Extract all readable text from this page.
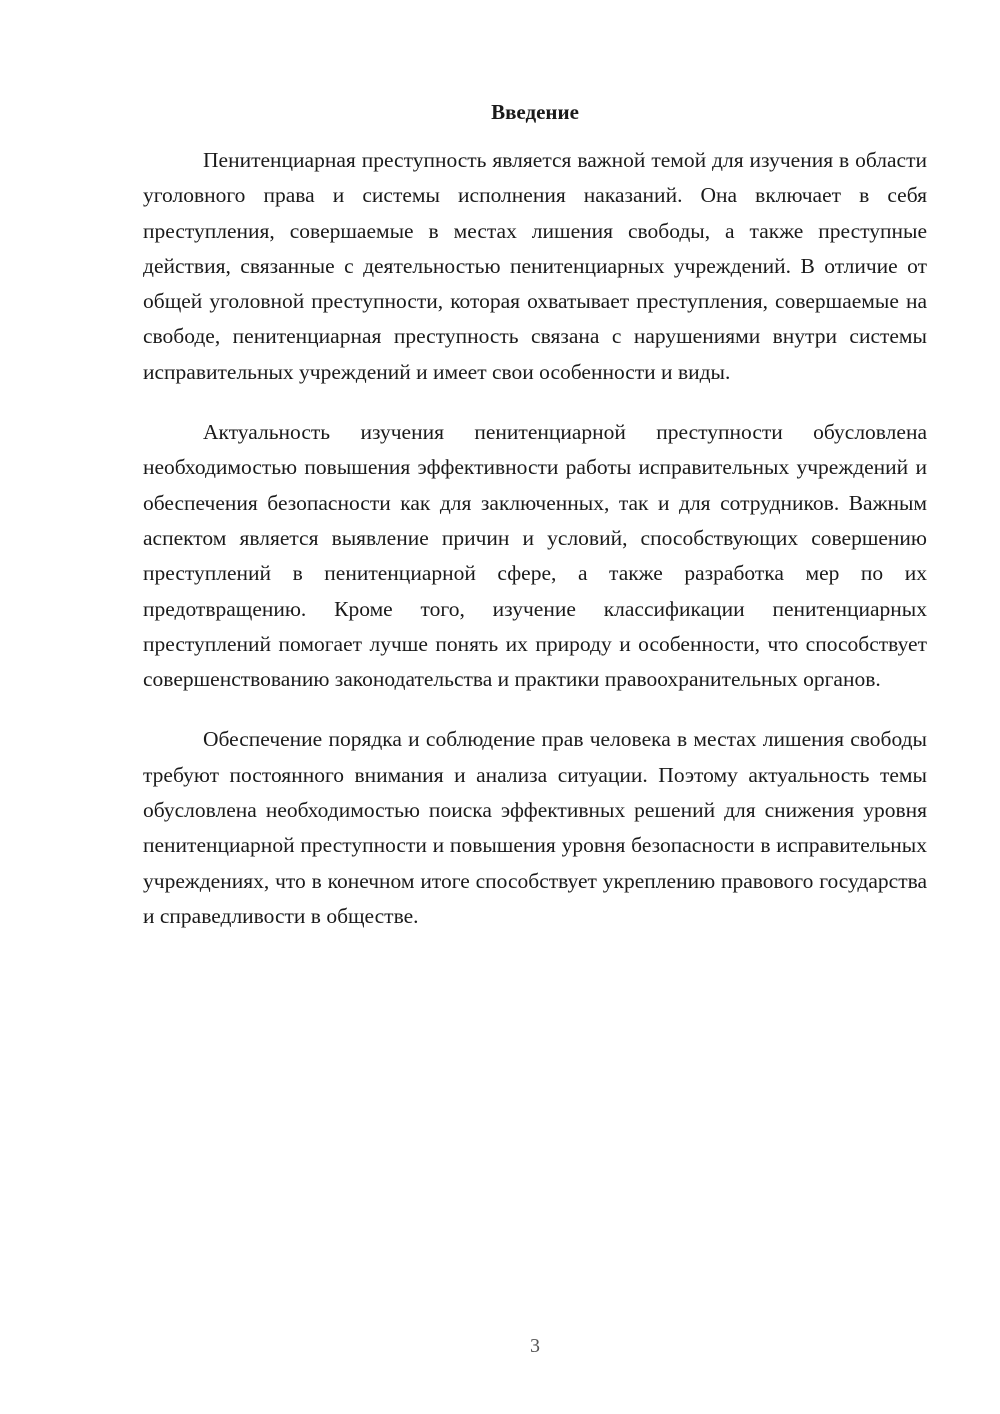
Введение

Пенитенциарная преступность является важной темой для изучения в области уголовного права и системы исполнения наказаний. Она включает в себя преступления, совершаемые в местах лишения свободы, а также преступные действия, связанные с деятельностью пенитенциарных учреждений. В отличие от общей уголовной преступности, которая охватывает преступления, совершаемые на свободе, пенитенциарная преступность связана с нарушениями внутри системы исправительных учреждений и имеет свои особенности и виды.

Актуальность изучения пенитенциарной преступности обусловлена необходимостью повышения эффективности работы исправительных учреждений и обеспечения безопасности как для заключенных, так и для сотрудников. Важным аспектом является выявление причин и условий, способствующих совершению преступлений в пенитенциарной сфере, а также разработка мер по их предотвращению. Кроме того, изучение классификации пенитенциарных преступлений помогает лучше понять их природу и особенности, что способствует совершенствованию законодательства и практики правоохранительных органов.

Обеспечение порядка и соблюдение прав человека в местах лишения свободы требуют постоянного внимания и анализа ситуации. Поэтому актуальность темы обусловлена необходимостью поиска эффективных решений для снижения уровня пенитенциарной преступности и повышения уровня безопасности в исправительных учреждениях, что в конечном итоге способствует укреплению правового государства и справедливости в обществе.

3
